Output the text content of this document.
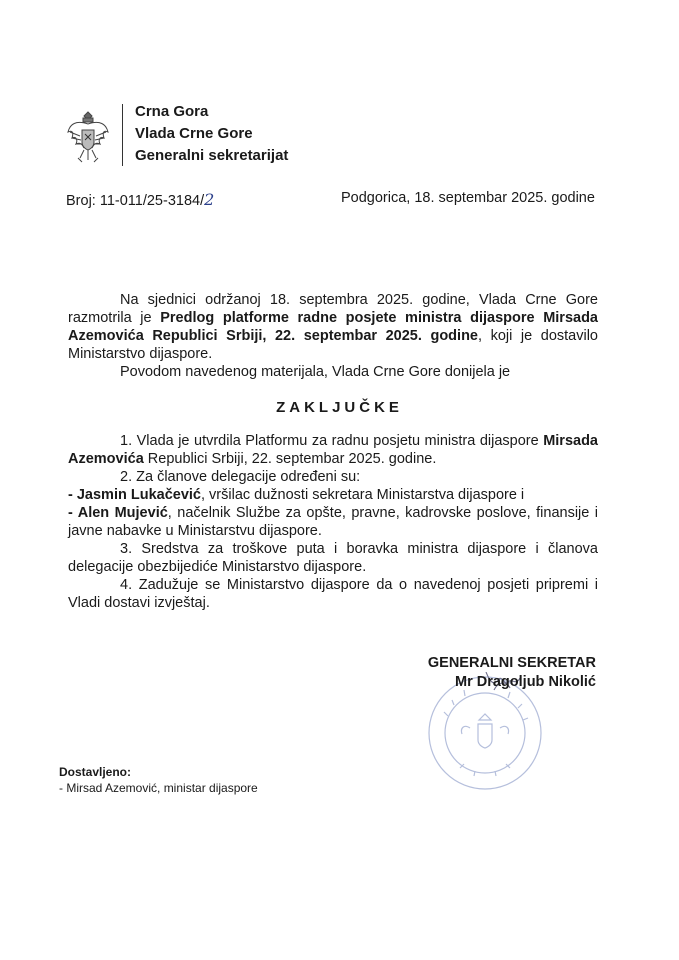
Crna Gora
Vlada Crne Gore
Generalni sekretarijat
Broj: 11-011/25-3184/2	Podgorica, 18. septembar 2025. godine
Na sjednici održanoj 18. septembra 2025. godine, Vlada Crne Gore razmotrila je Predlog platforme radne posjete ministra dijaspore Mirsada Azemovića Republici Srbiji, 22. septembar 2025. godine, koji je dostavilo Ministarstvo dijaspore.
Povodom navedenog materijala, Vlada Crne Gore donijela je
ZAKLJUČKE

1. Vlada je utvrdila Platformu za radnu posjetu ministra dijaspore Mirsada Azemovića Republici Srbiji, 22. septembar 2025. godine.

2. Za članove delegacije određeni su:

- Jasmin Lukačević, vršilac dužnosti sekretara Ministarstva dijaspore i

- Alen Mujević, načelnik Službe za opšte, pravne, kadrovske poslove, finansije i javne nabavke u Ministarstvu dijaspore.

3. Sredstva za troškove puta i boravka ministra dijaspore i članova delegacije obezbijediće Ministarstvo dijaspore.

4. Zadužuje se Ministarstvo dijaspore da o navedenoj posjeti pripremi i Vladi dostavi izvještaj.

GENERALNI SEKRETAR
Mr Dragoljub Nikolić
Dostavljeno:
- Mirsad Azemović, ministar dijaspore
